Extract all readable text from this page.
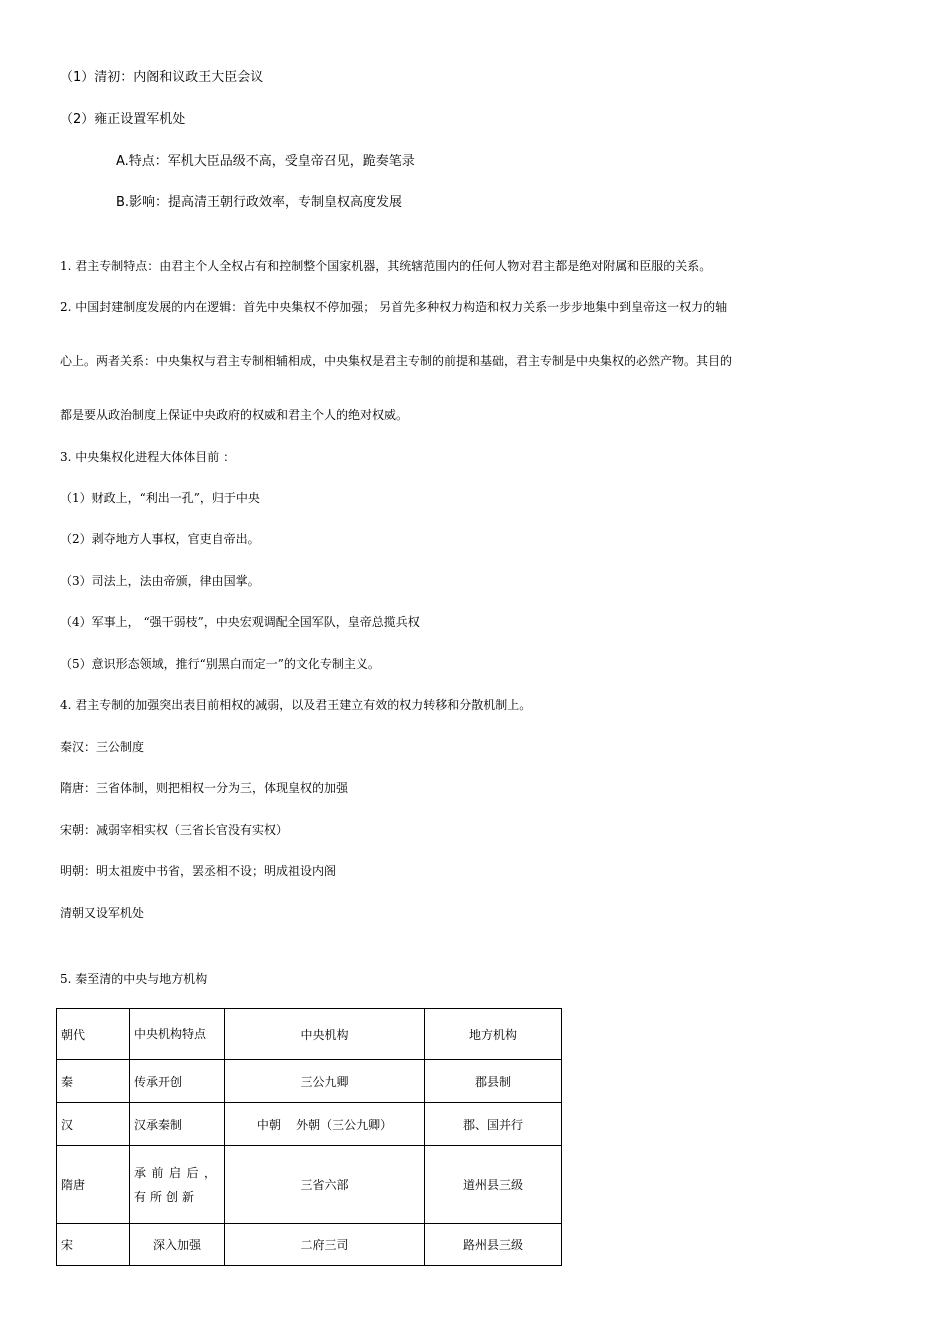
（1）清初：内阁和议政王大臣会议
（2）雍正设置军机处
A.特点：军机大臣品级不高，受皇帝召见，跪奏笔录
B.影响：提高清王朝行政效率，专制皇权高度发展
1. 君主专制特点：由君主个人全权占有和控制整个国家机器，其统辖范围内的任何人物对君主都是绝对附属和臣服的关系。
2. 中国封建制度发展的内在逻辑：首先中央集权不停加强； 另首先多种权力构造和权力关系一步步地集中到皇帝这一权力的轴
心上。两者关系：中央集权与君主专制相辅相成，中央集权是君主专制的前提和基础，君主专制是中央集权的必然产物。其目的
都是要从政治制度上保证中央政府的权威和君主个人的绝对权威。
3. 中央集权化进程大体体目前 ：
（1）财政上，“利出一孔”，归于中央
（2）剥夺地方人事权，官吏自帝出。
（3）司法上，法由帝颁，律由国掌。
（4）军事上， “强干弱枝”，中央宏观调配全国军队，皇帝总揽兵权
（5）意识形态领域，推行“别黑白而定一”的文化专制主义。
4. 君主专制的加强突出表目前相权的减弱，以及君王建立有效的权力转移和分散机制上。
秦汉：三公制度
隋唐：三省体制，则把相权一分为三，体现皇权的加强
宋朝：减弱宰相实权（三省长官没有实权）
明朝：明太祖废中书省，罢丞相不设；明成祖设内阁
清朝又设军机处
5. 秦至清的中央与地方机构
朝代	中央机构特点	中央机构	地方机构
秦	传承开创	三公九卿	郡县制
汉	汉承秦制	中朝    外朝（三公九卿）	郡、国并行
隋唐	承前启后，有所创新	三省六部	道州县三级
宋	深入加强	二府三司	路州县三级
